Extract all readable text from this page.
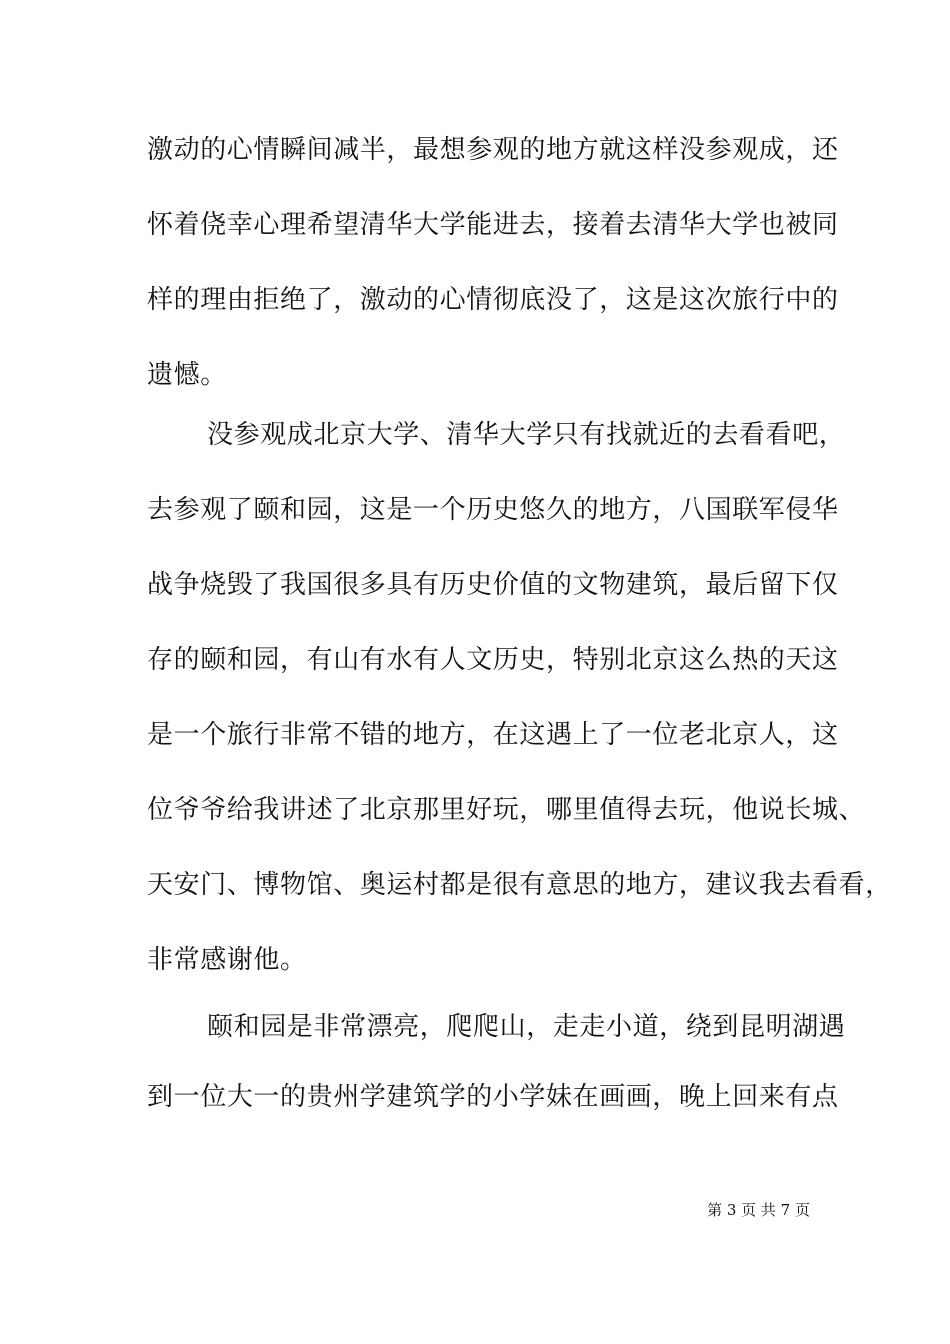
激动的心情瞬间减半，最想参观的地方就这样没参观成，还
怀着侥幸心理希望清华大学能进去，接着去清华大学也被同
样的理由拒绝了，激动的心情彻底没了，这是这次旅行中的
遗憾。
没参观成北京大学、清华大学只有找就近的去看看吧，
去参观了颐和园，这是一个历史悠久的地方，八国联军侵华
战争烧毁了我国很多具有历史价值的文物建筑，最后留下仅
存的颐和园，有山有水有人文历史，特别北京这么热的天这
是一个旅行非常不错的地方，在这遇上了一位老北京人，这
位爷爷给我讲述了北京那里好玩，哪里值得去玩，他说长城、
天安门、博物馆、奥运村都是很有意思的地方，建议我去看看，
非常感谢他。
颐和园是非常漂亮，爬爬山，走走小道，绕到昆明湖遇
到一位大一的贵州学建筑学的小学妹在画画，晚上回来有点
第 3 页 共 7 页
